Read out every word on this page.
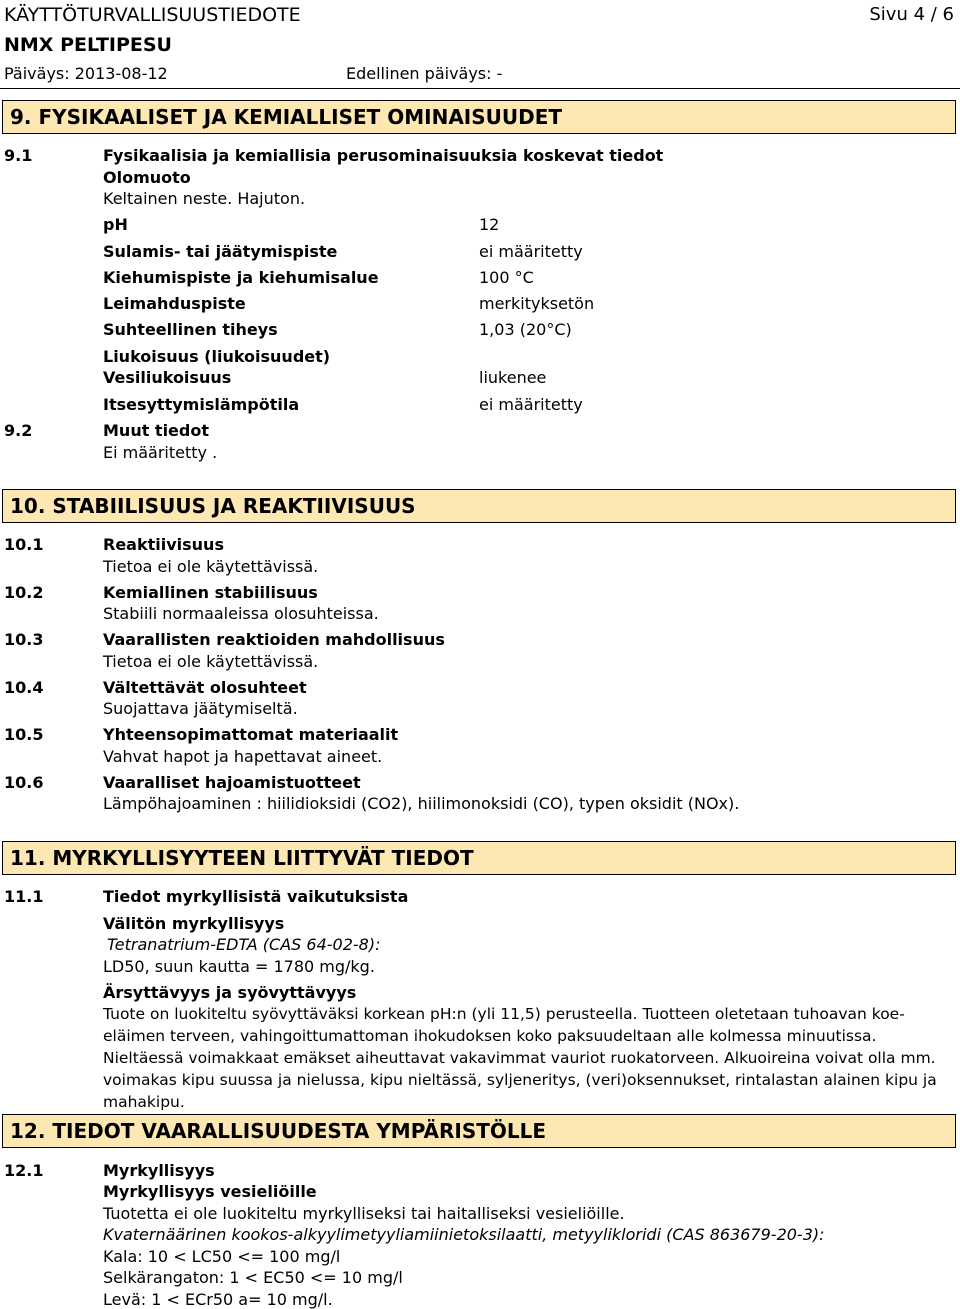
KÄYTTÖTURVALLISUUSTIEDOTE	Sivu 4 / 6
NMX PELTIPESU
Päiväys: 2013-08-12	Edellinen päiväys: -
9. FYSIKAALISET JA KEMIALLISET OMINAISUUDET
9.1	Fysikaalisia ja kemiallisia perusominaisuuksia koskevat tiedot
Olomuoto
Keltainen neste. Hajuton.
pH	12
Sulamis- tai jäätymispiste	ei määritetty
Kiehumispiste ja kiehumisalue	100 °C
Leimahduspiste	merkityksetön
Suhteellinen tiheys	1,03 (20°C)
Liukoisuus (liukoisuudet)
Vesiliukoisuus	liukenee
Itsesyttymislämpötila	ei määritetty
9.2	Muut tiedot
Ei määritetty .
10. STABIILISUUS JA REAKTIIVISUUS
10.1	Reaktiivisuus
Tietoa ei ole käytettävissä.
10.2	Kemiallinen stabiilisuus
Stabiili normaaleissa olosuhteissa.
10.3	Vaarallisten reaktioiden mahdollisuus
Tietoa ei ole käytettävissä.
10.4	Vältettävät olosuhteet
Suojattava jäätymiseltä.
10.5	Yhteensopimattomat materiaalit
Vahvat hapot ja hapettavat aineet.
10.6	Vaaralliset hajoamistuotteet
Lämpöhajoaminen : hiilidioksidi (CO2), hiilimonoksidi (CO), typen oksidit (NOx).
11. MYRKYLLISYYTEEN LIITTYVÄT TIEDOT
11.1	Tiedot myrkyllisistä vaikutuksista
Välitön myrkyllisyys
Tetranatrium-EDTA (CAS 64-02-8):
LD50, suun kautta = 1780 mg/kg.
Ärsyttävyys ja syövyttävyys
Tuote on luokiteltu syövyttäväksi korkean pH:n (yli 11,5) perusteella. Tuotteen oletetaan tuhoavan koe-eläimen terveen, vahingoittumattoman ihokudoksen koko paksuudeltaan alle kolmessa minuutissa. Nieltäessä voimakkaat emäkset aiheuttavat vakavimmat vauriot ruokatorveen. Alkuoireina voivat olla mm. voimakas kipu suussa ja nielussa, kipu nieltässä, syljeneritys, (veri)oksennukset, rintalastan alainen kipu ja mahakipu.
12. TIEDOT VAARALLISUUDESTA YMPÄRISTÖLLE
12.1	Myrkyllisyys
Myrkyllisyys vesieliöille
Tuotetta ei ole luokiteltu myrkylliseksi tai haitalliseksi vesieliöille.
Kvaternäärinen kookos-alkyylimetyyliamiinietoksilaatti, metyylikloridi (CAS 863679-20-3):
Kala: 10 < LC50 <= 100 mg/l
Selkärangaton: 1 < EC50 <= 10 mg/l
Levä: 1 < ECr50 a= 10 mg/l.
